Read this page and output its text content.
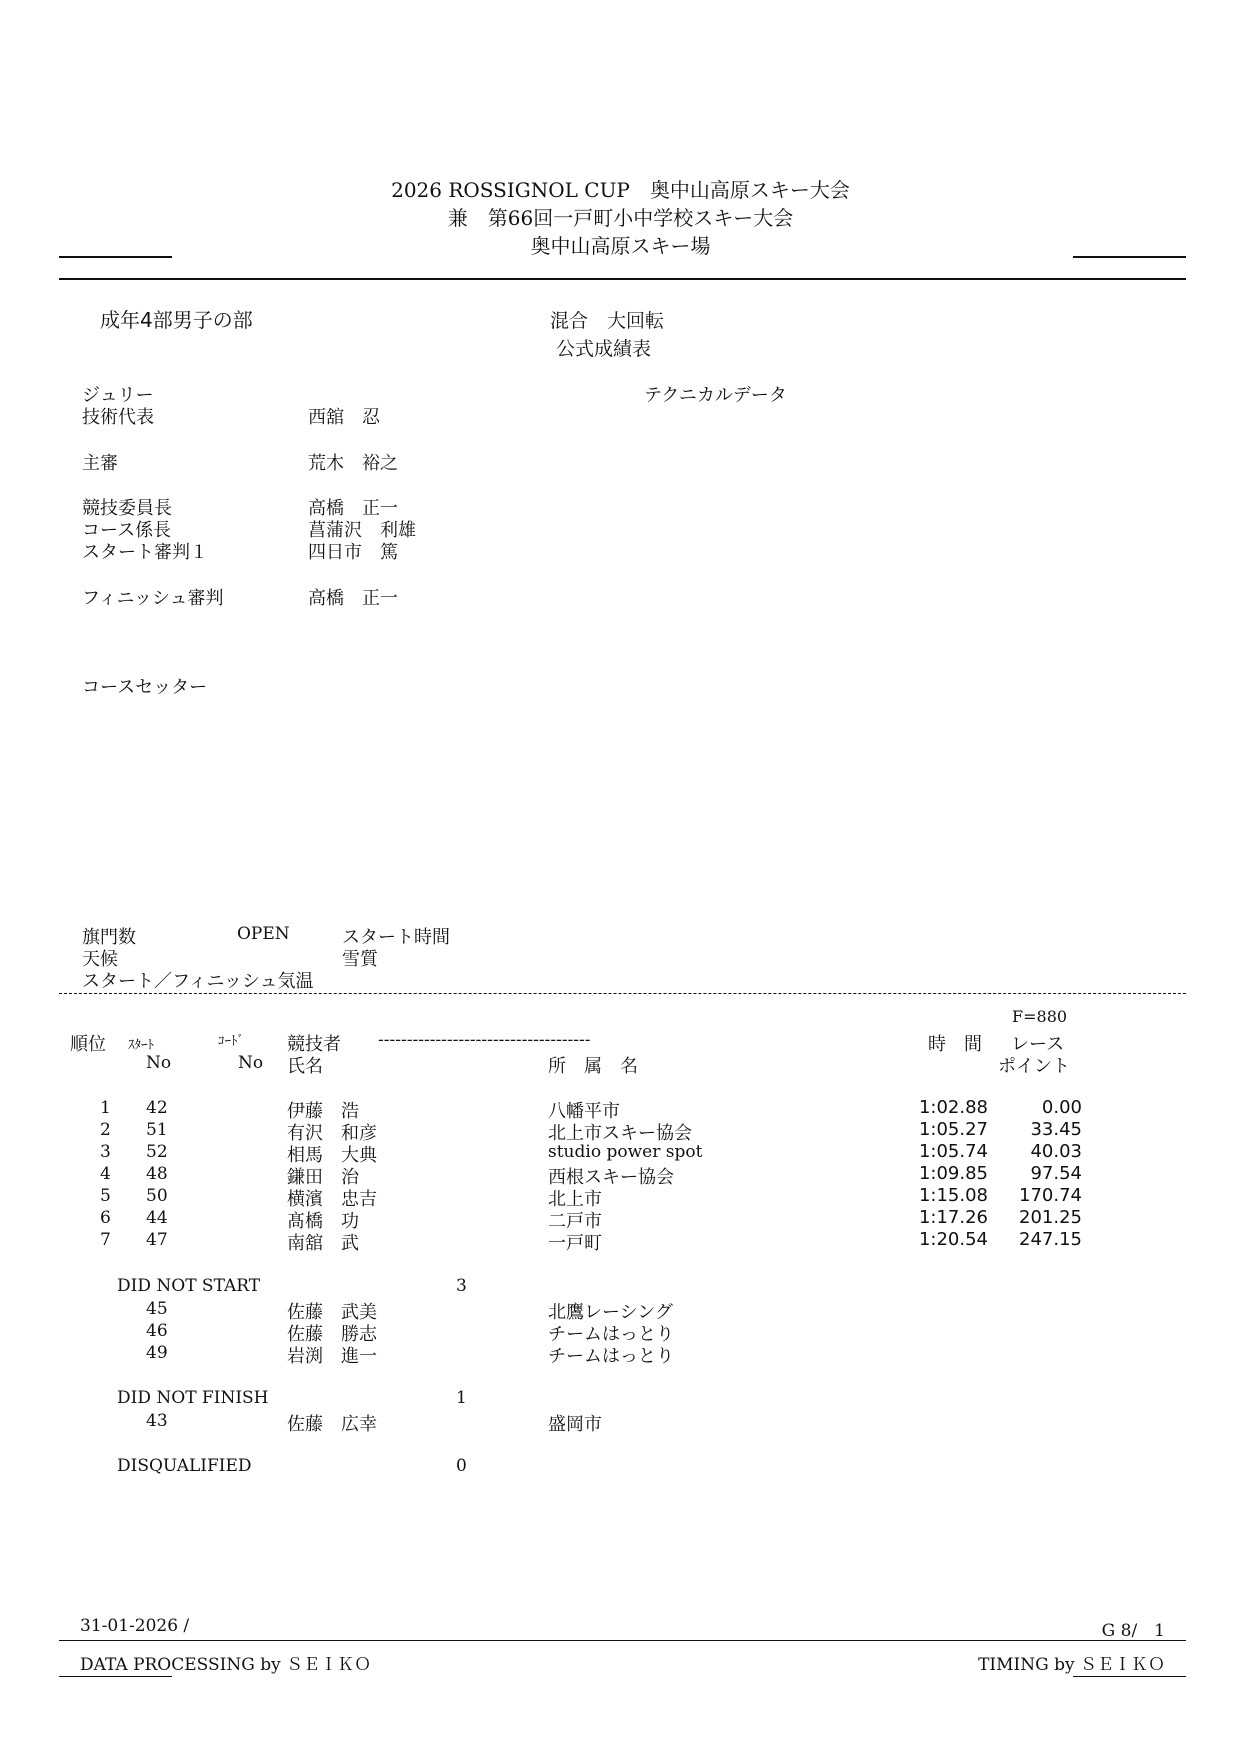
2026 ROSSIGNOL CUP　奥中山高原スキー大会
兼　第66回一戸町小中学校スキー大会
奥中山高原スキー場
成年4部男子の部	混合　大回転
公式成績表
ジュリー	テクニカルデータ
技術代表	西舘　忍
主審	荒木　裕之
競技委員長	高橋　正一
コース係長	菖蒲沢　利雄
スタート審判１	四日市　篤
フィニッシュ審判	高橋　正一
コースセッター
旗門数	OPEN	スタート時間
天候	雪質
スタート／フィニッシュ気温
F=880
順位 ｽﾀｰﾄ	ｺｰﾄﾞ 競技者 -------------------------------------	時　間 レース
No	No 氏名	所　属　名	ポイント
1 42	伊藤　浩	八幡平市	1:02.88	0.00
2 51	有沢　和彦	北上市スキー協会	1:05.27	33.45
3 52	相馬　大典	studio power spot	1:05.74	40.03
4 48	鎌田　治	西根スキー協会	1:09.85	97.54
5 50	横濱　忠吉	北上市	1:15.08	170.74
6 44	髙橋　功	二戸市	1:17.26	201.25
7 47	南舘　武	一戸町	1:20.54	247.15
DID NOT START	3
45	佐藤　武美	北鷹レーシング
46	佐藤　勝志	チームはっとり
49	岩渕　進一	チームはっとり
DID NOT FINISH	1
43	佐藤　広幸	盛岡市
DISQUALIFIED	0
31-01-2026 /	G 8/　1
DATA PROCESSING by ＳＥＩＫＯ	TIMING by ＳＥＩＫＯ
